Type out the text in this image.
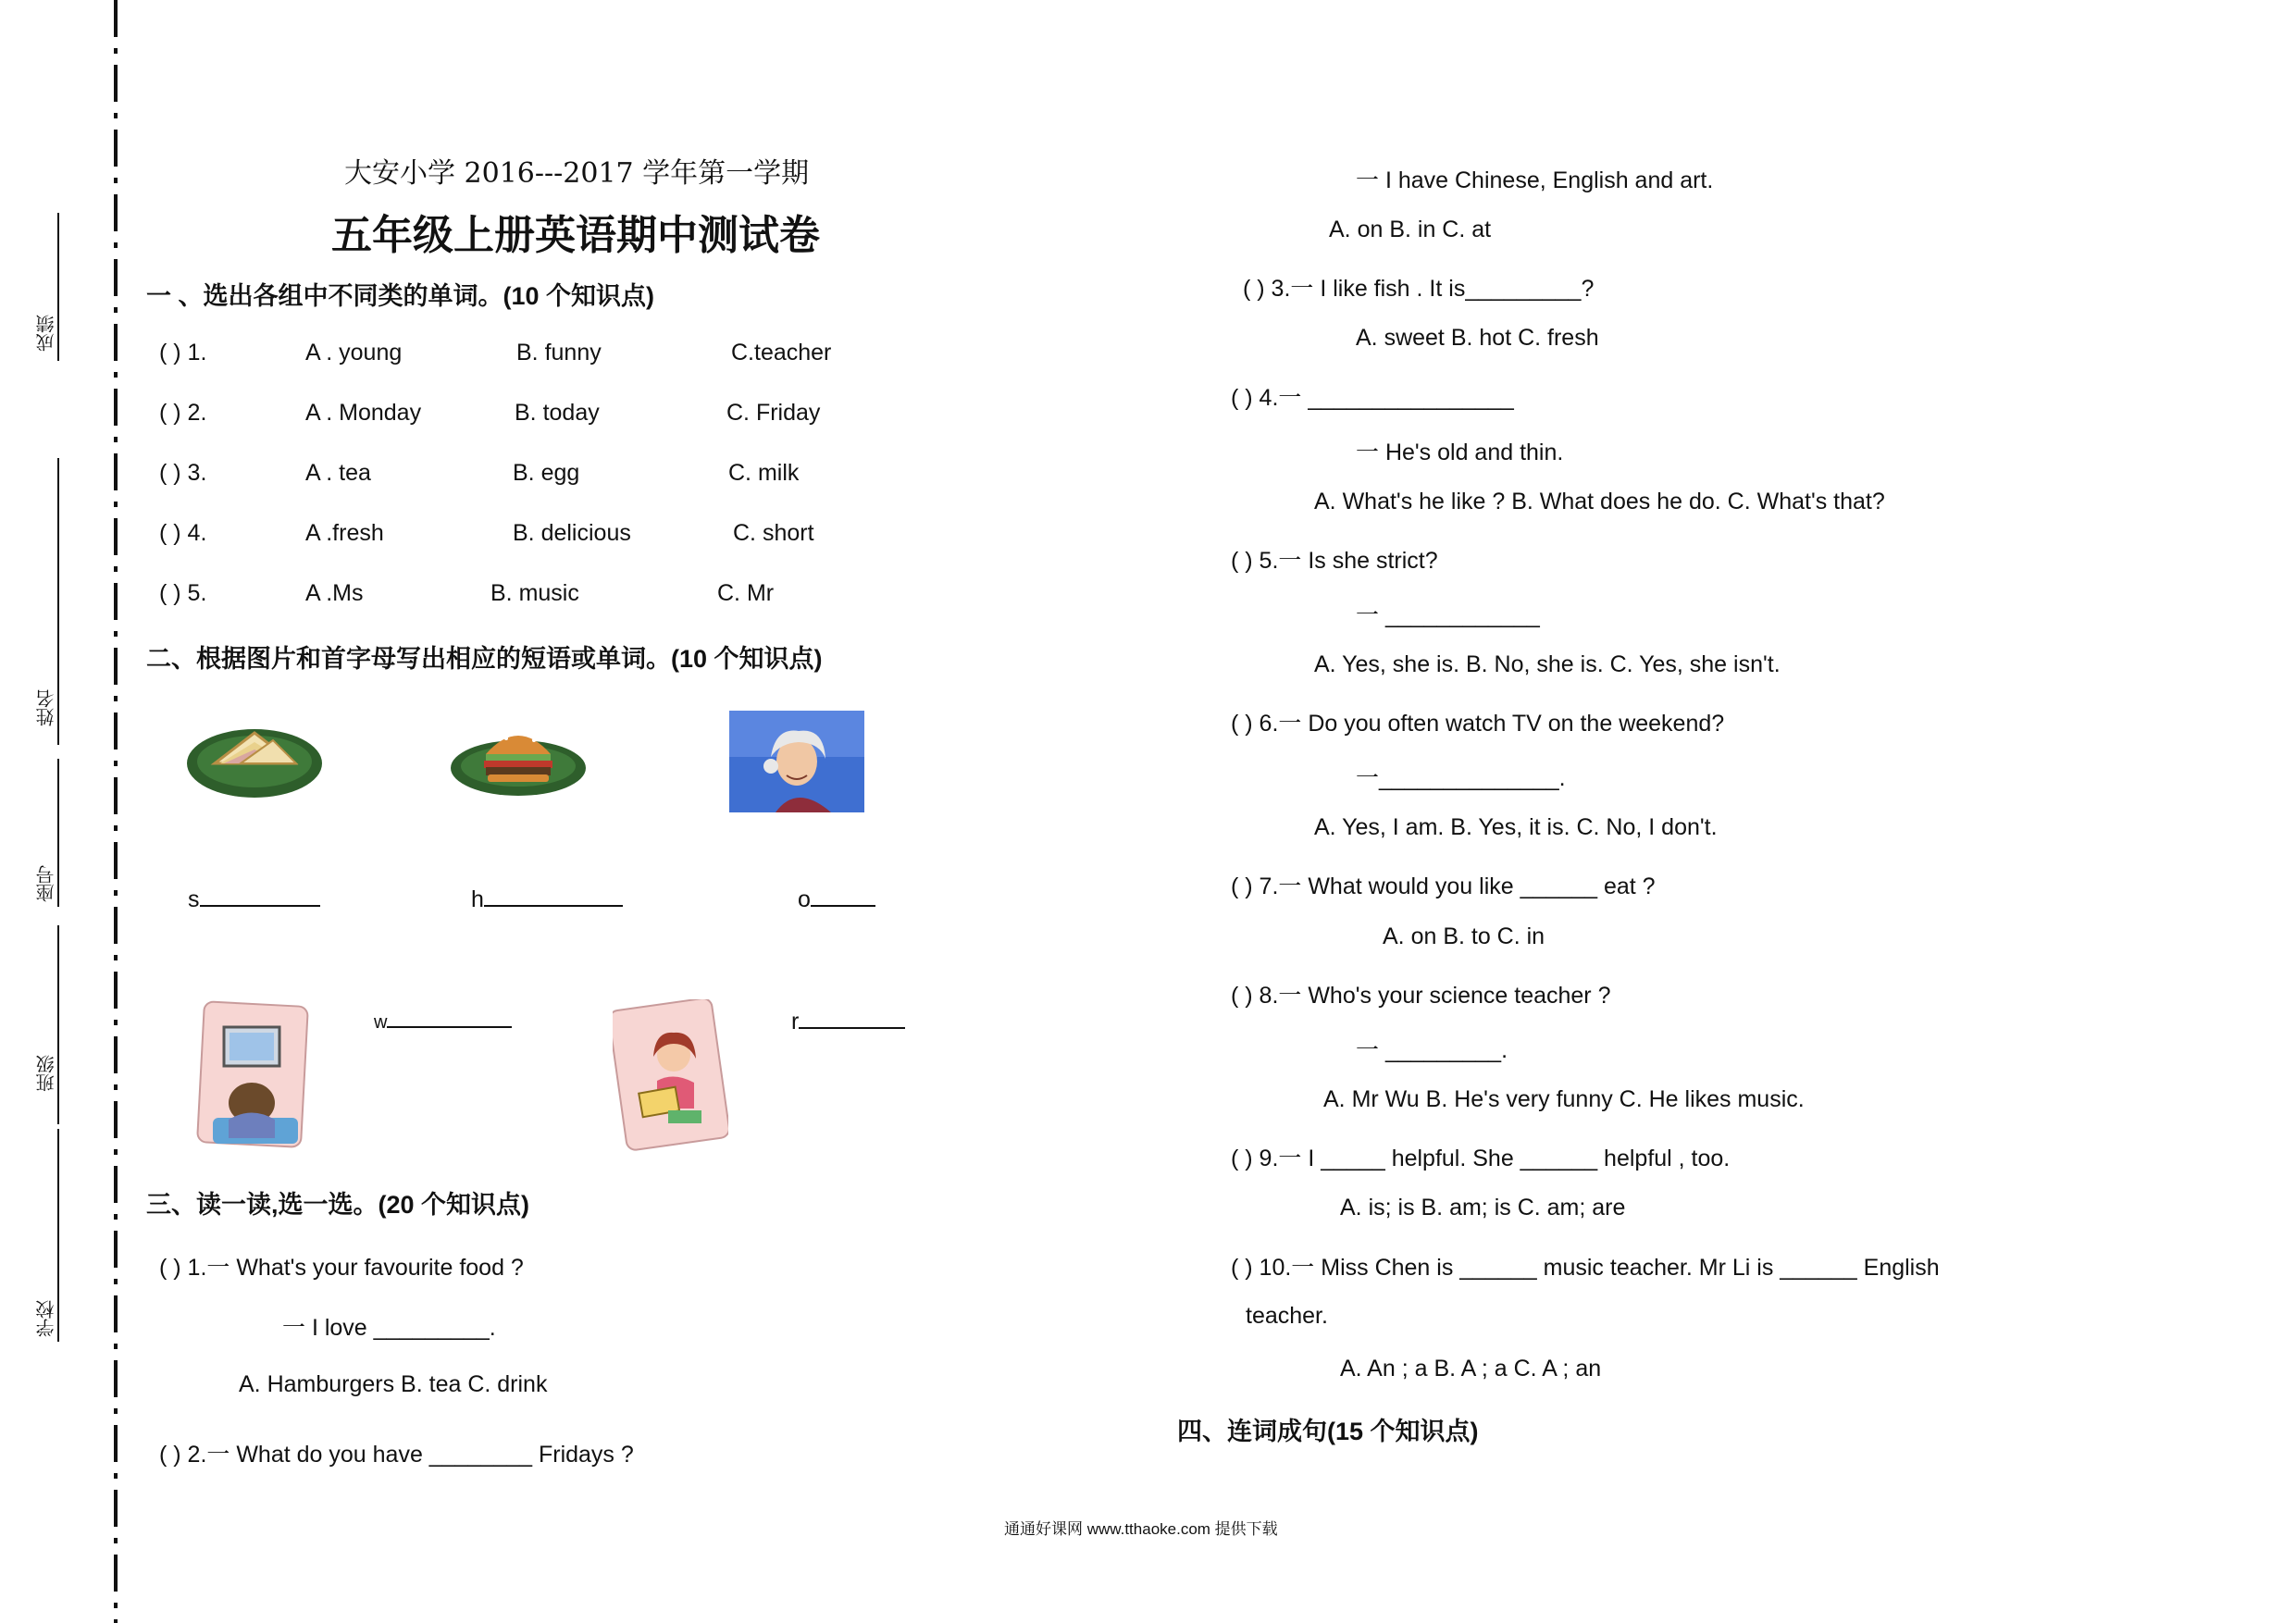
成绩
姓名
座号
班级
学校
大安小学 2016---2017 学年第一学期
五年级上册英语期中测试卷
一 、选出各组中不同类的单词。(10 个知识点)
( ) 1.	A . young	B. funny	C.teacher
( ) 2.	A . Monday	B. today	C. Friday
( ) 3.	A . tea	B. egg	C. milk
( ) 4.	A .fresh	B. delicious	C. short
( ) 5.	A .Ms	B. music	C. Mr
二、根据图片和首字母写出相应的短语或单词。(10 个知识点)
s	h	o
w	r
三、读一读,选一选。(20 个知识点)
( ) 1.一 What's your favourite food ?
一 I love _________.
A. Hamburgers B. tea C. drink
( ) 2.一 What do you have ________ Fridays ?
一 I have Chinese, English and art.
A. on B. in C. at
( ) 3.一 I like fish . It is_________?
A. sweet B. hot C. fresh
( ) 4.一 ________________
一 He's old and thin.
A. What's he like ? B. What does he do. C. What's that?
( ) 5.一 Is she strict?
一 ____________
A. Yes, she is. B. No, she is. C. Yes, she isn't.
( ) 6.一 Do you often watch TV on the weekend?
一______________.
A. Yes, I am. B. Yes, it is. C. No, I don't.
( ) 7.一 What would you like ______ eat ?
A. on B. to C. in
( ) 8.一 Who's your science teacher ?
一 _________.
A. Mr Wu B. He's very funny C. He likes music.
( ) 9.一 I _____ helpful. She ______ helpful , too.
A. is; is B. am; is C. am; are
( ) 10.一 Miss Chen is ______ music teacher. Mr Li is ______ English
teacher.
A. An ; a B. A ; a C. A ; an
四、连词成句(15 个知识点)
通通好课网 www.tthaoke.com 提供下载
